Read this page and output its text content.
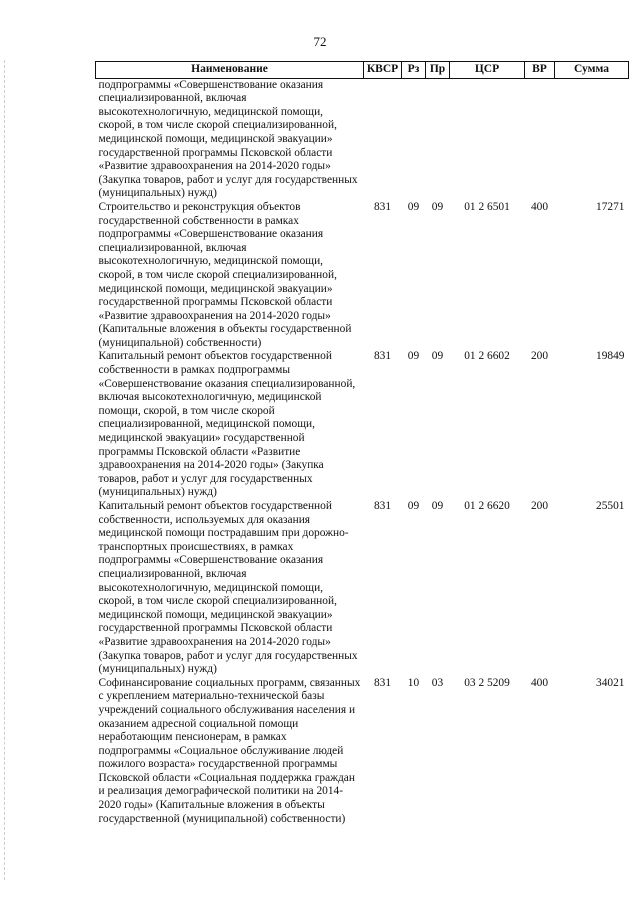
72
Наименование	КВСР	Рз	Пр	ЦСР	ВР	Сумма
подпрограммы «Совершенствование оказания специализированной, включая высокотехнологичную, медицинской помощи, скорой, в том числе скорой специализированной, медицинской помощи, медицинской эвакуации» государственной программы Псковской области «Развитие здравоохранения на 2014-2020 годы» (Закупка товаров, работ и услуг для государственных (муниципальных) нужд)						
Строительство и реконструкция объектов государственной собственности в рамках подпрограммы «Совершенствование оказания специализированной, включая высокотехнологичную, медицинской помощи, скорой, в том числе скорой специализированной, медицинской помощи, медицинской эвакуации» государственной программы Псковской области «Развитие здравоохранения на 2014-2020 годы» (Капитальные вложения в объекты государственной (муниципальной) собственности)	831	09	09	01 2 6501	400	17271
Капитальный ремонт объектов государственной собственности в рамках подпрограммы «Совершенствование оказания специализированной, включая высокотехнологичную, медицинской помощи, скорой, в том числе скорой специализированной, медицинской помощи, медицинской эвакуации» государственной программы Псковской области «Развитие здравоохранения на 2014-2020 годы» (Закупка товаров, работ и услуг для государственных (муниципальных) нужд)	831	09	09	01 2 6602	200	19849
Капитальный ремонт объектов государственной собственности, используемых для оказания медицинской помощи пострадавшим при дорожно-транспортных происшествиях, в рамках подпрограммы «Совершенствование оказания специализированной, включая высокотехнологичную, медицинской помощи, скорой, в том числе скорой специализированной, медицинской помощи, медицинской эвакуации» государственной программы Псковской области «Развитие здравоохранения на 2014-2020 годы» (Закупка товаров, работ и услуг для государственных (муниципальных) нужд)	831	09	09	01 2 6620	200	25501
Софинансирование социальных программ, связанных с укреплением материально-технической базы учреждений социального обслуживания населения и оказанием адресной социальной помощи неработающим пенсионерам, в рамках подпрограммы «Социальное обслуживание людей пожилого возраста» государственной программы Псковской области «Социальная поддержка граждан и реализация демографической политики на 2014-2020 годы» (Капитальные вложения в объекты государственной (муниципальной) собственности)	831	10	03	03 2 5209	400	34021
